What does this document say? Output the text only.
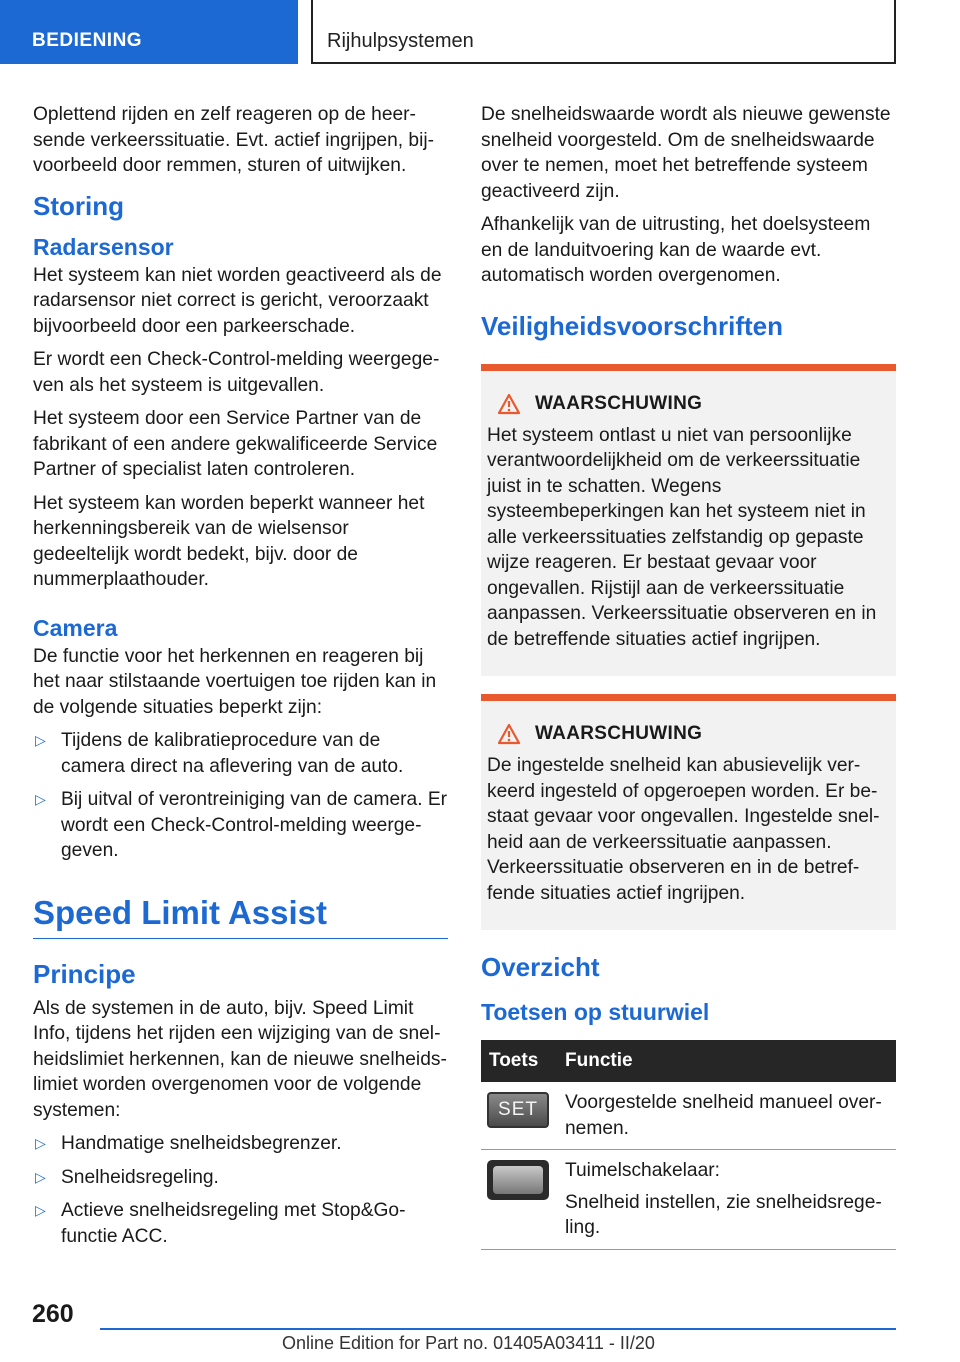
BEDIENING	Rijhulpsystemen

Oplettend rijden en zelf reageren op de heersende verkeerssituatie. Evt. actief ingrijpen, bijvoorbeeld door remmen, sturen of uitwijken.

Storing
Radarsensor

Het systeem kan niet worden geactiveerd als de radarsensor niet correct is gericht, veroorzaakt bijvoorbeeld door een parkeerschade.

Er wordt een Check-Control-melding weergegeven als het systeem is uitgevallen.

Het systeem door een Service Partner van de fabrikant of een andere gekwalificeerde Service Partner of specialist laten controleren.

Het systeem kan worden beperkt wanneer het herkenningsbereik van de wielsensor gedeeltelijk wordt bedekt, bijv. door de nummerplaathouder.

Camera

De functie voor het herkennen en reageren bij het naar stilstaande voertuigen toe rijden kan in de volgende situaties beperkt zijn:

▷ Tijdens de kalibratieprocedure van de camera direct na aflevering van de auto.
▷ Bij uitval of verontreiniging van de camera. Er wordt een Check-Control-melding weergegeven.
Speed Limit Assist
Principe

Als de systemen in de auto, bijv. Speed Limit Info, tijdens het rijden een wijziging van de snelheidslimiet herkennen, kan de nieuwe snelheidslimiet worden overgenomen voor de volgende systemen:

▷ Handmatige snelheidsbegrenzer.
▷ Snelheidsregeling.
▷ Actieve snelheidsregeling met Stop&Go-functie ACC.

De snelheidswaarde wordt als nieuwe gewenste snelheid voorgesteld. Om de snelheidswaarde over te nemen, moet het betreffende systeem geactiveerd zijn.

Afhankelijk van de uitrusting, het doelsysteem en de landuitvoering kan de waarde evt. automatisch worden overgenomen.

Veiligheidsvoorschriften
WAARSCHUWING

Het systeem ontlast u niet van persoonlijke verantwoordelijkheid om de verkeerssituatie juist in te schatten. Wegens systeembeperkingen kan het systeem niet in alle verkeerssituaties zelfstandig op gepaste wijze reageren. Er bestaat gevaar voor ongevallen. Rijstijl aan de verkeerssituatie aanpassen. Verkeerssituatie observeren en in de betreffende situaties actief ingrijpen.

WAARSCHUWING

De ingestelde snelheid kan abusievelijk verkeerd ingesteld of opgeroepen worden. Er bestaat gevaar voor ongevallen. Ingestelde snelheid aan de verkeerssituatie aanpassen. Verkeerssituatie observeren en in de betreffende situaties actief ingrijpen.

Overzicht
Toetsen op stuurwiel
Toets	Functie

SET	Voorgestelde snelheid manueel overnemen.

	Tuimelschakelaar:
Snelheid instellen, zie snelheidsregeling.
260
Online Edition for Part no. 01405A03411 - II/20
